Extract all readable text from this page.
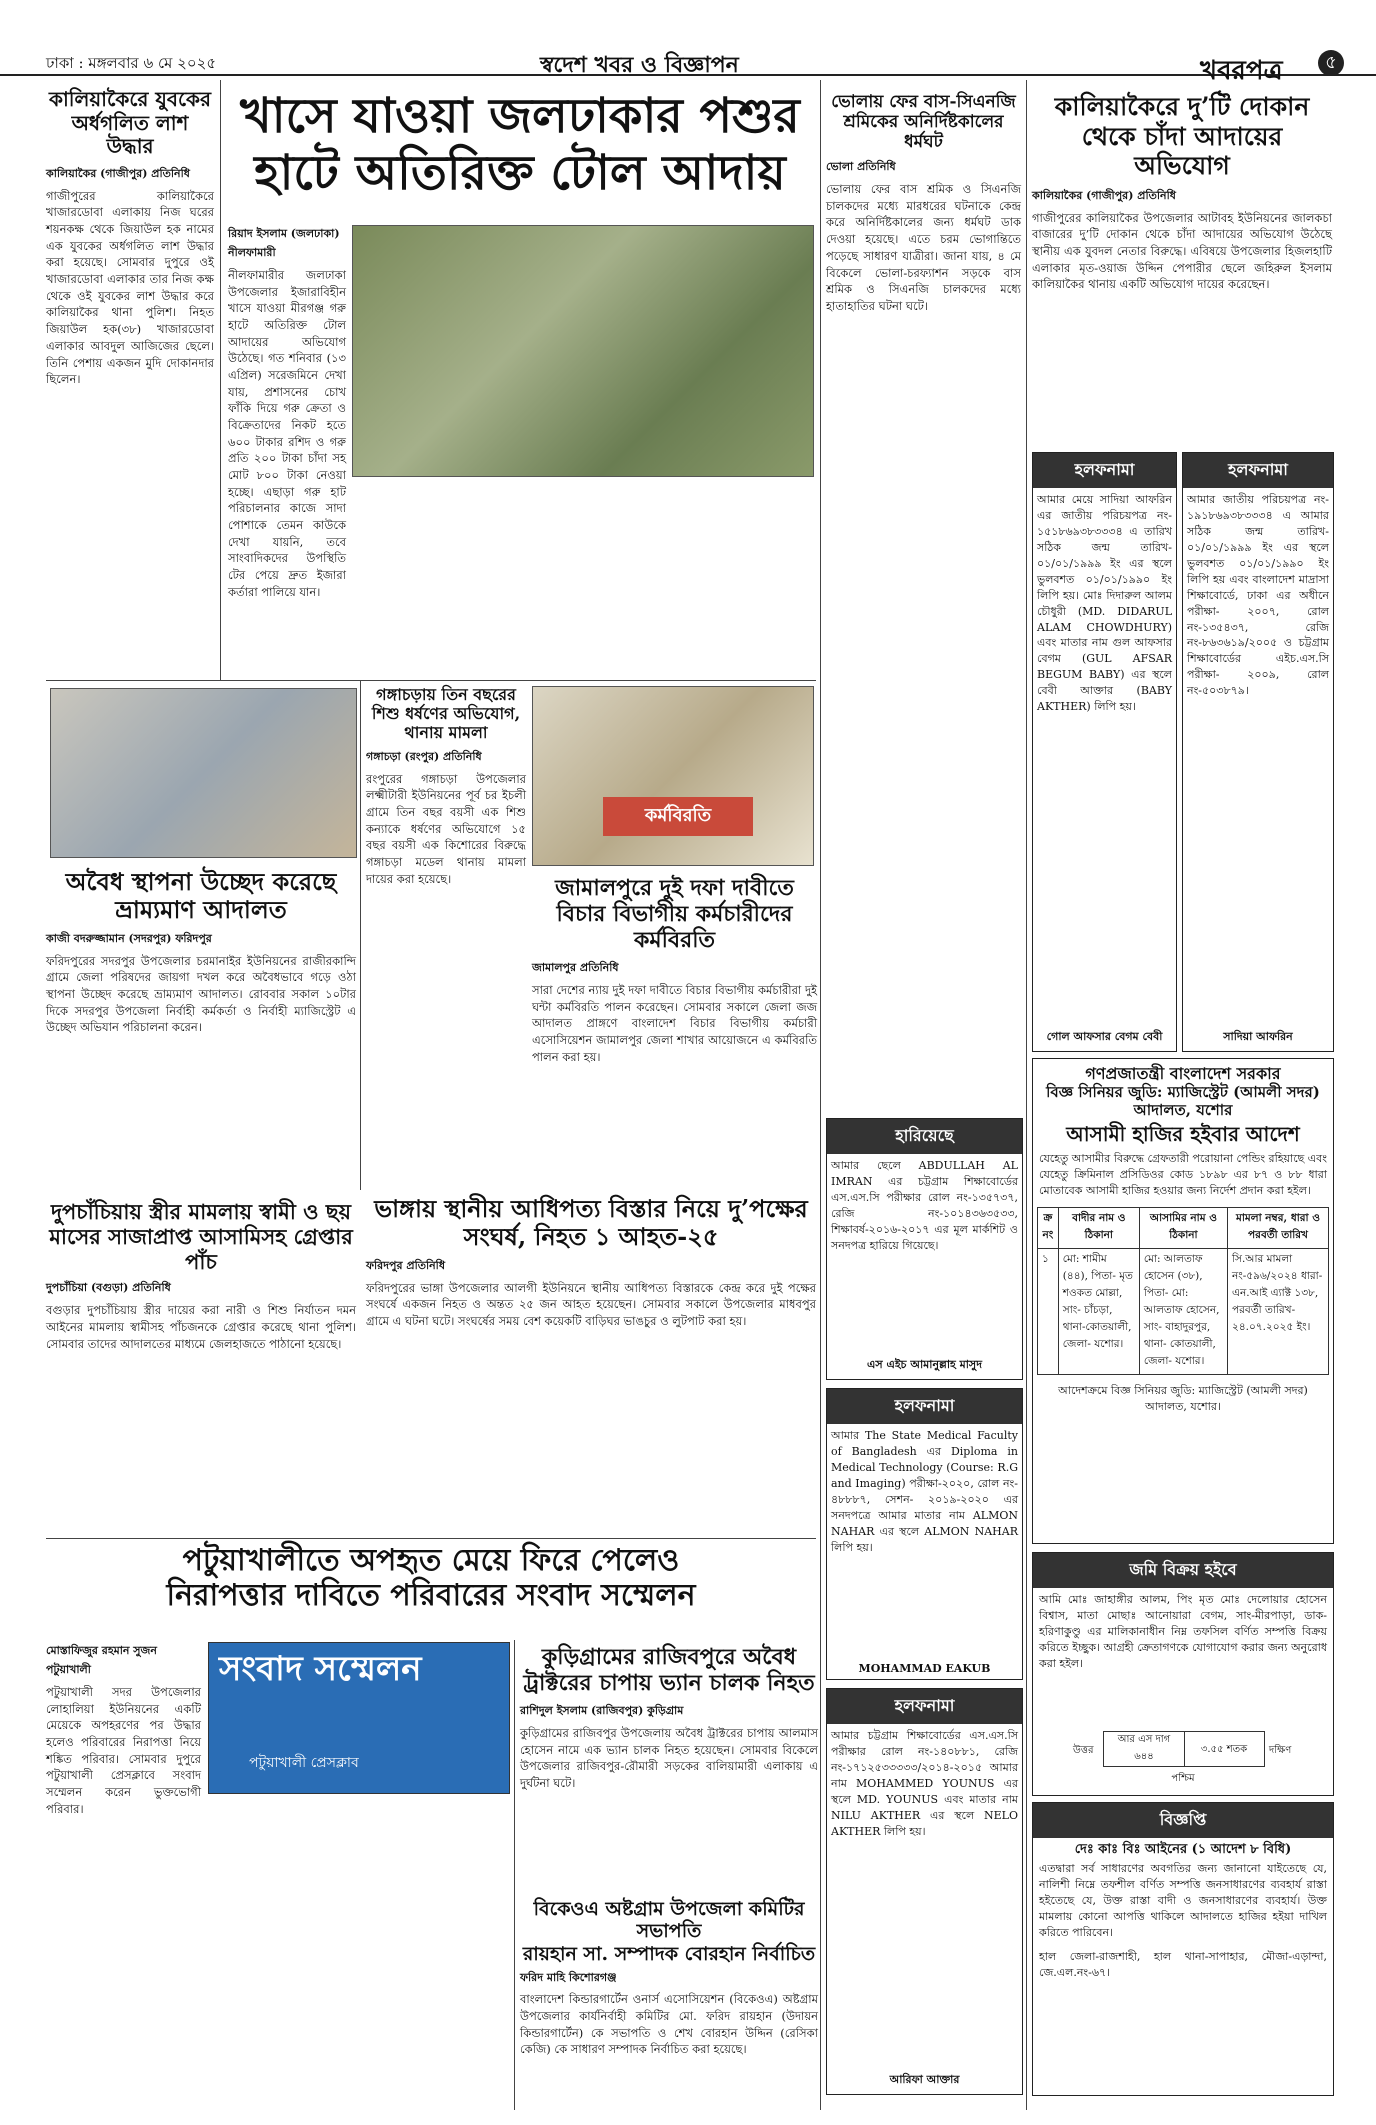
ঢাকা : মঙ্গলবার ৬ মে ২০২৫	স্বদেশ খবর ও বিজ্ঞাপন	খবরপত্র	৫
কালিয়াকৈরে যুবকের অর্ধগলিত লাশ উদ্ধার
কালিয়াকৈর (গাজীপুর) প্রতিনিধি
গাজীপুরের কালিয়াকৈরে খাজারডোবা এলাকায় নিজ ঘরের শয়নকক্ষ থেকে জিয়াউল হক নামের এক যুবকের অর্ধগলিত লাশ উদ্ধার করা হয়েছে। সোমবার দুপুরে ওই খাজারডোবা এলাকার তার নিজ কক্ষ থেকে ওই যুবকের লাশ উদ্ধার করে কালিয়াকৈর থানা পুলিশ। নিহত জিয়াউল হক(৩৮) খাজারডোবা এলাকার আবদুল আজিজের ছেলে। তিনি পেশায় একজন মুদি দোকানদার ছিলেন।
খাসে যাওয়া জলঢাকার পশুর
হাটে অতিরিক্ত টোল আদায়
রিয়াদ ইসলাম (জলঢাকা) নীলফামারী
নীলফামারীর জলঢাকা উপজেলার ইজারাবিহীন খাসে যাওয়া মীরগঞ্জ গরু হাটে অতিরিক্ত টোল আদায়ের অভিযোগ উঠেছে। গত শনিবার (১৩ এপ্রিল) সরেজমিনে দেখা যায়, প্রশাসনের চোখ ফাঁকি দিয়ে গরু ক্রেতা ও বিক্রেতাদের নিকট হতে ৬০০ টাকার রশিদ ও গরু প্রতি ২০০ টাকা চাঁদা সহ মোট ৮০০ টাকা নেওয়া হচ্ছে। এছাড়া গরু হাট পরিচালনার কাজে সাদা পোশাকে তেমন কাউকে দেখা যায়নি, তবে সাংবাদিকদের উপস্থিতি টের পেয়ে দ্রুত ইজারা কর্তারা পালিয়ে যান।
ভোলায় ফের বাস-সিএনজি শ্রমিকের অনির্দিষ্টকালের ধর্মঘট
ভোলা প্রতিনিধি
ভোলায় ফের বাস শ্রমিক ও সিএনজি চালকদের মধ্যে মারধরের ঘটনাকে কেন্দ্র করে অনির্দিষ্টকালের জন্য ধর্মঘট ডাক দেওয়া হয়েছে। এতে চরম ভোগান্তিতে পড়েছে সাধারণ যাত্রীরা। জানা যায়, ৪ মে বিকেলে ভোলা-চরফ্যাশন সড়কে বাস শ্রমিক ও সিএনজি চালকদের মধ্যে হাতাহাতির ঘটনা ঘটে।
কালিয়াকৈরে দু’টি দোকান থেকে চাঁদা আদায়ের অভিযোগ
কালিয়াকৈর (গাজীপুর) প্রতিনিধি
গাজীপুরের কালিয়াকৈর উপজেলার আটাবহ ইউনিয়নের জালকচা বাজারের দু’টি দোকান থেকে চাঁদা আদায়ের অভিযোগ উঠেছে স্থানীয় এক যুবদল নেতার বিরুদ্ধে। এবিষয়ে উপজেলার হিজলহাটি এলাকার মৃত-ওয়াজ উদ্দিন পেপারীর ছেলে জহিরুল ইসলাম কালিয়াকৈর থানায় একটি অভিযোগ দায়ের করেছেন।
হলফনামা
আমার মেয়ে সাদিয়া আফরিন এর জাতীয় পরিচয়পত্র নং- ১৫১৮৬৯৩৮৩৩৩৪ এ তারিখ সঠিক জন্ম তারিখ- ০১/০১/১৯৯৯ ইং এর স্থলে ভুলবশত ০১/০১/১৯৯০ ইং লিপি হয়। মোঃ দিদারুল আলম চৌধুরী (MD. DIDARUL ALAM CHOWDHURY) এবং মাতার নাম গুল আফসার বেগম (GUL AFSAR BEGUM BABY) এর স্থলে বেবী আক্তার (BABY AKTHER) লিপি হয়।
গোল আফসার বেগম বেবী
হলফনামা
আমার জাতীয় পরিচয়পত্র নং- ১৯১৮৬৯৩৮৩৩৩৪ এ আমার সঠিক জন্ম তারিখ- ০১/০১/১৯৯৯ ইং এর স্থলে ভুলবশত ০১/০১/১৯৯০ ইং লিপি হয় এবং বাংলাদেশ মাদ্রাসা শিক্ষাবোর্ডে, ঢাকা এর অধীনে পরীক্ষা- ২০০৭, রোল নং-১৩৫৪৩৭, রেজি নং-৮৬৩৬১৯/২০০৫ ও চট্টগ্রাম শিক্ষাবোর্ডের এইচ.এস.সি পরীক্ষা- ২০০৯, রোল নং-৫০৩৮৭৯।
সাদিয়া আফরিন
গণপ্রজাতন্ত্রী বাংলাদেশ সরকার
বিজ্ঞ সিনিয়র জুডি: ম্যাজিস্ট্রেট (আমলী সদর) আদালত, যশোর
আসামী হাজির হইবার আদেশ
যেহেতু আসামীর বিরুদ্ধে গ্রেফতারী পরোয়ানা পেন্ডিং রহিয়াছে এবং যেহেতু ক্রিমিনাল প্রসিডিওর কোড ১৮৯৮ এর ৮৭ ও ৮৮ ধারা মোতাবেক আসামী হাজির হওয়ার জন্য নির্দেশ প্রদান করা হইল।
ক্র নং	বাদীর নাম ও ঠিকানা	আসামির নাম ও ঠিকানা	মামলা নম্বর, ধারা ও পরবর্তী তারিখ
১	মো: শামীম (৪৪), পিতা- মৃত শওকত মোল্লা, সাং- চাঁচড়া, থানা-কোতয়ালী, জেলা- যশোর।	মো: আলতাফ হোসেন (৩৮), পিতা- মো: আলতাফ হোসেন, সাং- বাহাদুরপুর, থানা- কোতয়ালী, জেলা- যশোর।	সি.আর মামলা নং-৫৯৬/২০২৪ ধারা- এন.আই এ্যাক্ট ১৩৮, পরবর্তী তারিখ- ২৪.০৭.২০২৫ ইং।
আদেশক্রমে বিজ্ঞ সিনিয়র জুডি: ম্যাজিস্ট্রেট (আমলী সদর) আদালত, যশোর।
কর্মবিরতি
গঙ্গাচড়ায় তিন বছরের শিশু ধর্ষণের অভিযোগ, থানায় মামলা
গঙ্গাচড়া (রংপুর) প্রতিনিধি
রংপুরের গঙ্গাচড়া উপজেলার লক্ষ্মীটারী ইউনিয়নের পূর্ব চর ইচলী গ্রামে তিন বছর বয়সী এক শিশু কন্যাকে ধর্ষণের অভিযোগে ১৫ বছর বয়সী এক কিশোরের বিরুদ্ধে গঙ্গাচড়া মডেল থানায় মামলা দায়ের করা হয়েছে।	জামালপুরে দুই দফা দাবীতে বিচার বিভাগীয় কর্মচারীদের কর্মবিরতি
জামালপুর প্রতিনিধি
সারা দেশের ন্যায় দুই দফা দাবীতে বিচার বিভাগীয় কর্মচারীরা দুই ঘন্টা কর্মবিরতি পালন করেছেন। সোমবার সকালে জেলা জজ আদালত প্রাঙ্গণে বাংলাদেশ বিচার বিভাগীয় কর্মচারী এসোসিয়েশন জামালপুর জেলা শাখার আয়োজনে এ কর্মবিরতি পালন করা হয়।
অবৈধ স্থাপনা উচ্ছেদ করেছে ভ্রাম্যমাণ আদালত
কাজী বদরুজ্জামান (সদরপুর) ফরিদপুর
ফরিদপুরের সদরপুর উপজেলার চরমানাইর ইউনিয়নের রাজীরকান্দি গ্রামে জেলা পরিষদের জায়গা দখল করে অবৈধভাবে গড়ে ওঠা স্থাপনা উচ্ছেদ করেছে ভ্রাম্যমাণ আদালত। রোববার সকাল ১০টার দিকে সদরপুর উপজেলা নির্বাহী কর্মকর্তা ও নির্বাহী ম্যাজিস্ট্রেট এ উচ্ছেদ অভিযান পরিচালনা করেন।
দুপচাঁচিয়ায় স্ত্রীর মামলায় স্বামী ও ছয় মাসের সাজাপ্রাপ্ত আসামিসহ গ্রেপ্তার পাঁচ
দুপচাঁচিয়া (বগুড়া) প্রতিনিধি
বগুড়ার দুপচাঁচিয়ায় স্ত্রীর দায়ের করা নারী ও শিশু নির্যাতন দমন আইনের মামলায় স্বামীসহ পাঁচজনকে গ্রেপ্তার করেছে থানা পুলিশ। সোমবার তাদের আদালতের মাধ্যমে জেলহাজতে পাঠানো হয়েছে।
ভাঙ্গায় স্থানীয় আধিপত্য বিস্তার নিয়ে দু’পক্ষের সংঘর্ষ, নিহত ১ আহত-২৫
ফরিদপুর প্রতিনিধি
ফরিদপুরের ভাঙ্গা উপজেলার আলগী ইউনিয়নে স্থানীয় আধিপত্য বিস্তারকে কেন্দ্র করে দুই পক্ষের সংঘর্ষে একজন নিহত ও অন্তত ২৫ জন আহত হয়েছেন। সোমবার সকালে উপজেলার মাধবপুর গ্রামে এ ঘটনা ঘটে। সংঘর্ষের সময় বেশ কয়েকটি বাড়িঘর ভাঙচুর ও লুটপাট করা হয়।
হারিয়েছে
আমার ছেলে ABDULLAH AL IMRAN এর চট্টগ্রাম শিক্ষাবোর্ডের এস.এস.সি পরীক্ষার রোল নং-১৩৫৭৩৭, রেজি নং-১০১৪৩৬৩৫৩৩, শিক্ষাবর্ষ-২০১৬-২০১৭ এর মূল মার্কশিট ও সনদপত্র হারিয়ে গিয়েছে।
এস এইচ আমানুল্লাহ মাসুদ
হলফনামা
আমার The State Medical Faculty of Bangladesh এর Diploma in Medical Technology (Course: R.G and Imaging) পরীক্ষা-২০২০, রোল নং- ৪৮৮৮৭, সেশন- ২০১৯-২০২০ এর সনদপত্রে আমার মাতার নাম ALMON NAHAR এর স্থলে ALMON NAHAR লিপি হয়।
MOHAMMAD EAKUB
হলফনামা
আমার চট্টগ্রাম শিক্ষাবোর্ডের এস.এস.সি পরীক্ষার রোল নং-১৪০৮৮১, রেজি নং-১৭১২৫৩৩৩৩৩/২০১৪-২০১৫ আমার নাম MOHAMMED YOUNUS এর স্থলে MD. YOUNUS এবং মাতার নাম NILU AKTHER এর স্থলে NELO AKTHER লিপি হয়।
আরিফা আক্তার
পটুয়াখালীতে অপহৃত মেয়ে ফিরে পেলেও
নিরাপত্তার দাবিতে পরিবারের সংবাদ সম্মেলন
মোস্তাফিজুর রহমান সুজন পটুয়াখালী
পটুয়াখালী সদর উপজেলার লোহালিয়া ইউনিয়নের একটি মেয়েকে অপহরণের পর উদ্ধার হলেও পরিবারের নিরাপত্তা নিয়ে শঙ্কিত পরিবার। সোমবার দুপুরে পটুয়াখালী প্রেসক্লাবে সংবাদ সম্মেলন করেন ভুক্তভোগী পরিবার।
সংবাদ সম্মেলন
পটুয়াখালী প্রেসক্লাব
কুড়িগ্রামের রাজিবপুরে অবৈধ ট্রাক্টরের চাপায় ভ্যান চালক নিহত
রাশিদুল ইসলাম (রাজিবপুর) কুড়িগ্রাম
কুড়িগ্রামের রাজিবপুর উপজেলায় অবৈধ ট্রাক্টরের চাপায় আলমাস হোসেন নামে এক ভ্যান চালক নিহত হয়েছেন। সোমবার বিকেলে উপজেলার রাজিবপুর-রৌমারী সড়কের বালিয়ামারী এলাকায় এ দুর্ঘটনা ঘটে।
বিকেওএ অষ্টগ্রাম উপজেলা কমিটির সভাপতি
রায়হান সা. সম্পাদক বোরহান নির্বাচিত
ফরিদ মাহি কিশোরগঞ্জ
বাংলাদেশ কিন্ডারগার্টেন ওনার্স এসোসিয়েশন (বিকেওএ) অষ্টগ্রাম উপজেলার কার্যনির্বাহী কমিটির মো. ফরিদ রায়হান (উদায়ন কিন্ডারগার্টেন) কে সভাপতি ও শেখ বোরহান উদ্দিন (রেসিকা কেজি) কে সাধারণ সম্পাদক নির্বাচিত করা হয়েছে।
জমি বিক্রয় হইবে
আমি মোঃ জাহাঙ্গীর আলম, পিং মৃত মোঃ দেলোয়ার হোসেন বিশ্বাস, মাতা মোছাঃ আনোয়ারা বেগম, সাং-মীরপাড়া, ডাক-হরিণাকুণ্ডু এর মালিকানাধীন নিম্ন তফসিল বর্ণিত সম্পত্তি বিক্রয় করিতে ইচ্ছুক। আগ্রহী ক্রেতাগণকে যোগাযোগ করার জন্য অনুরোধ করা হইল।
আর এস দাগ
৬৪৪
৩.৫৫ শতক
উত্তর	দক্ষিণ
পশ্চিম
বিজ্ঞপ্তি
দেঃ কাঃ বিঃ আইনের (১ আদেশ ৮ বিধি)
এতদ্বারা সর্ব সাধারণের অবগতির জন্য জানানো যাইতেছে যে, নালিশী নিম্নে তফশীল বর্ণিত সম্পত্তি জনসাধারণের ব্যবহার্য রাস্তা হইতেছে যে, উক্ত রাস্তা বাদী ও জনসাধারণের ব্যবহার্য। উক্ত মামলায় কোনো আপত্তি থাকিলে আদালতে হাজির হইয়া দাখিল করিতে পারিবেন।
হাল জেলা-রাজশাহী, হাল থানা-সাপাহার, মৌজা-এড়ান্দা, জে.এল.নং-৬৭।
